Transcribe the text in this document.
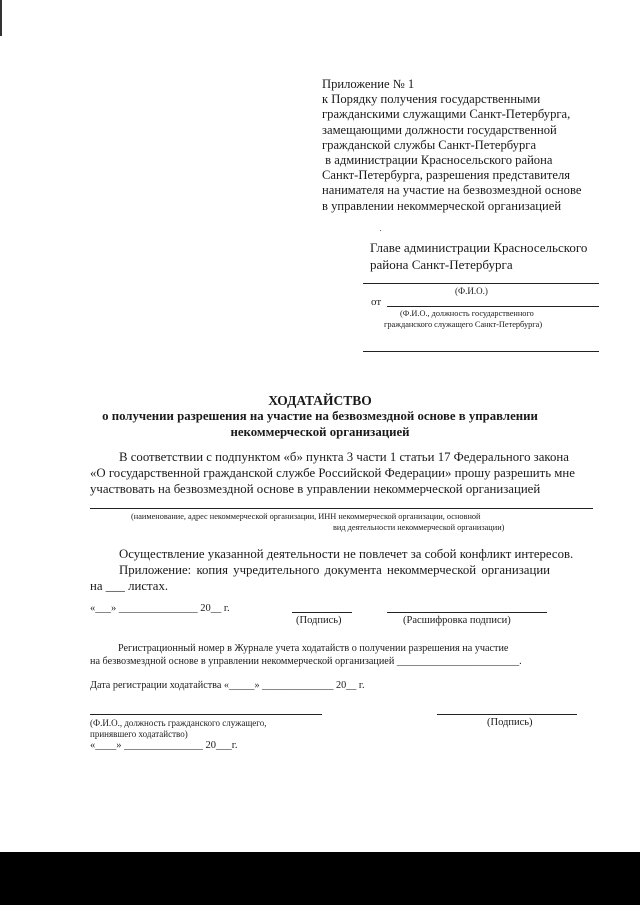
Приложение № 1
к Порядку получения государственными
гражданскими служащими Санкт-Петербурга,
замещающими должности государственной
гражданской службы Санкт-Петербурга
в администрации Красносельского района
Санкт-Петербурга, разрешения представителя
нанимателя на участие на безвозмездной основе
в управлении некоммерческой организацией
Главе администрации Красносельского
района Санкт-Петербурга
(Ф.И.О.)
от
(Ф.И.О., должность государственного
гражданского служащего Санкт-Петербурга)
ХОДАТАЙСТВО
о получении разрешения на участие на безвозмездной основе в управлении
некоммерческой организацией
В соответствии с подпунктом «б» пункта 3 части 1 статьи 17 Федерального закона
«О государственной гражданской службе Российской Федерации» прошу разрешить мне
участвовать на безвозмездной основе в управлении некоммерческой организацией
(наименование, адрес некоммерческой организации, ИНН некоммерческой организации, основной
вид деятельности некоммерческой организации)
Осуществление указанной деятельности не повлечет за собой конфликт интересов.
Приложение: копия учредительного документа некоммерческой организации
на ___ листах.
«___» _______________ 20__ г.
(Подпись)	(Расшифровка подписи)
Регистрационный номер в Журнале учета ходатайств о получении разрешения на участие
на безвозмездной основе в управлении некоммерческой организацией ________________________.
Дата регистрации ходатайства «_____» ______________ 20__ г.
(Ф.И.О., должность гражданского служащего,
принявшего ходатайство)
(Подпись)
«____» _______________ 20___г.
